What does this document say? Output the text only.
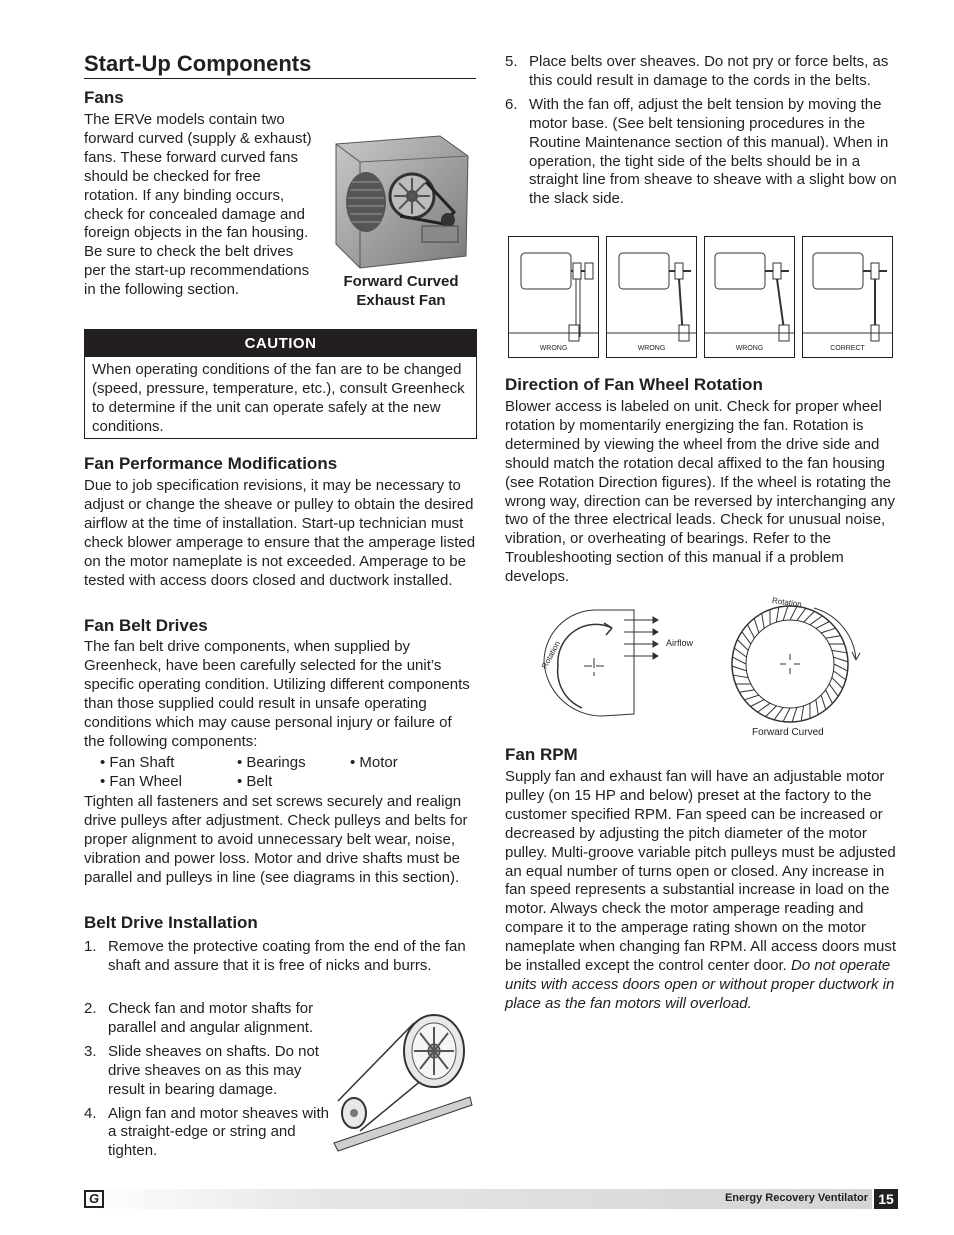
Start-Up Components
Fans

The ERVe models contain two forward curved (supply & exhaust) fans. These forward curved fans should be checked for free rotation. If any binding occurs, check for concealed damage and foreign objects in the fan housing. Be sure to check the belt drives per the start-up recommendations in the following section.	Forward Curved
Exhaust Fan
CAUTION
When operating conditions of the fan are to be changed (speed, pressure, temperature, etc.), consult Greenheck to determine if the unit can operate safely at the new conditions.
Fan Performance Modifications

Due to job specification revisions, it may be necessary to adjust or change the sheave or pulley to obtain the desired airflow at the time of installation. Start-up technician must check blower amperage to ensure that the amperage listed on the motor nameplate is not exceeded. Amperage to be tested with access doors closed and ductwork installed.

Fan Belt Drives

The fan belt drive components, when supplied by Greenheck, have been carefully selected for the unit’s specific operating condition. Utilizing different components than those supplied could result in unsafe operating conditions which may cause personal injury or failure of the following components:

• Fan Shaft	• Bearings	• Motor
• Fan Wheel	• Belt

Tighten all fasteners and set screws securely and realign drive pulleys after adjustment. Check pulleys and belts for proper alignment to avoid unnecessary belt wear, noise, vibration and power loss. Motor and drive shafts must be parallel and pulleys in line (see diagrams in this section).

Belt Drive Installation
1. Remove the protective coating from the end of the fan shaft and assure that it is free of nicks and burrs.
2. Check fan and motor shafts for parallel and angular alignment.
3. Slide sheaves on shafts. Do not drive sheaves on as this may result in bearing damage.
4. Align fan and motor sheaves with a straight-edge or string and tighten.
5. Place belts over sheaves. Do not pry or force belts, as this could result in damage to the cords in the belts.
6. With the fan off, adjust the belt tension by moving the motor base. (See belt tensioning procedures in the Routine Maintenance section of this manual). When in operation, the tight side of the belts should be in a straight line from sheave to sheave with a slight bow on the slack side.
WRONG	WRONG	WRONG	CORRECT
Direction of Fan Wheel Rotation

Blower access is labeled on unit. Check for proper wheel rotation by momentarily energizing the fan. Rotation is determined by viewing the wheel from the drive side and should match the rotation decal affixed to the fan housing (see Rotation Direction figures). If the wheel is rotating the wrong way, direction can be reversed by interchanging any two of the three electrical leads. Check for unusual noise, vibration, or overheating of bearings. Refer to the Troubleshooting section of this manual if a problem develops.

Rotation	Airflow
Rotation
Forward Curved
Fan RPM

Supply fan and exhaust fan will have an adjustable motor pulley (on 15 HP and below) preset at the factory to the customer specified RPM. Fan speed can be increased or decreased by adjusting the pitch diameter of the motor pulley. Multi-groove variable pitch pulleys must be adjusted an equal number of turns open or closed. Any increase in fan speed represents a substantial increase in load on the motor. Always check the motor amperage reading and compare it to the amperage rating shown on the motor nameplate when changing fan RPM. All access doors must be installed except the control center door. Do not operate units with access doors open or without proper ductwork in place as the fan motors will overload.

G	Energy Recovery Ventilator 15
